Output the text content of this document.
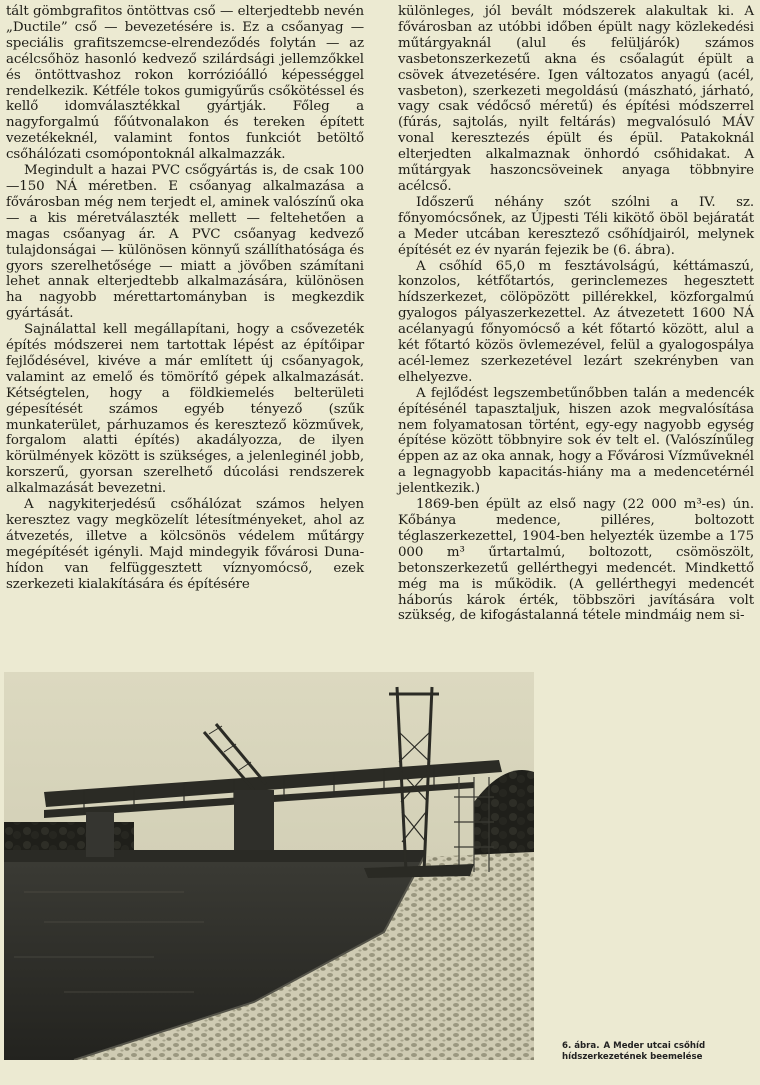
tált gömbgrafitos öntöttvas cső — elterjedtebb nevén „Ductile” cső — bevezetésére is. Ez a csőanyag — speciális grafitszemcse-elrendeződés folytán — az acélcsőhöz hasonló kedvező szilárdsági jellemzőkkel és öntöttvashoz rokon korrózióálló képességgel rendelkezik. Kétféle tokos gumigyűrűs csőkötéssel és kellő idomválasztékkal gyártják. Főleg a nagyforgalmú főútvonalakon és tereken épített vezetékeknél, valamint fontos funkciót betöltő csőhálózati csomópontoknál alkalmazzák.

Megindult a hazai PVC csőgyártás is, de csak 100—150 NÁ méretben. E csőanyag alkalmazása a fővárosban még nem terjedt el, aminek valószínű oka — a kis méretválaszték mellett — feltehetően a magas csőanyag ár. A PVC csőanyag kedvező tulajdonságai — különösen könnyű szállíthatósága és gyors szerelhetősége — miatt a jövőben számítani lehet annak elterjedtebb alkalmazására, különösen ha nagyobb mérettartományban is megkezdik gyártását.

Sajnálattal kell megállapítani, hogy a csővezeték építés módszerei nem tartottak lépést az építőipar fejlődésével, kivéve a már említett új csőanyagok, valamint az emelő és tömörítő gépek alkalmazását. Kétségtelen, hogy a földkiemelés belterületi gépesítését számos egyéb tényező (szűk munkaterület, párhuzamos és keresztező közművek, forgalom alatti építés) akadályozza, de ilyen körülmények között is szükséges, a jelenleginél jobb, korszerű, gyorsan szerelhető dúcolási rendszerek alkalmazását bevezetni.

A nagykiterjedésű csőhálózat számos helyen keresztez vagy megközelít létesítményeket, ahol az átvezetés, illetve a kölcsönös védelem műtárgy megépítését igényli. Majd mindegyik fővárosi Duna-hídon van felfüggesztett víznyomócső, ezek szerkezeti kialakítására és építésére

különleges, jól bevált módszerek alakultak ki. A fővárosban az utóbbi időben épült nagy közlekedési műtárgyaknál (alul és felüljárók) számos vasbetonszerkezetű akna és csőalagút épült a csövek átvezetésére. Igen változatos anyagú (acél, vasbeton), szerkezeti megoldású (mászható, járható, vagy csak védőcső méretű) és építési módszerrel (fúrás, sajtolás, nyilt feltárás) megvalósuló MÁV vonal keresztezés épült és épül. Patakoknál elterjedten alkalmaznak önhordó csőhidakat. A műtárgyak haszoncsöveinek anyaga többnyire acélcső.

Időszerű néhány szót szólni a IV. sz. főnyomócsőnek, az Újpesti Téli kikötő öböl bejáratát a Meder utcában keresztező csőhídjairól, melynek építését ez év nyarán fejezik be (6. ábra).

A csőhíd 65,0 m fesztávolságú, kéttámaszú, konzolos, kétfőtartós, gerinclemezes hegesztett hídszerkezet, cölöpözött pillérekkel, közforgalmú gyalogos pályaszerkezettel. Az átvezetett 1600 NÁ acélanyagú főnyomócső a két főtartó között, alul a két főtartó közös övlemezével, felül a gyalogospálya acél-lemez szerkezetével lezárt szekrényben van elhelyezve.

A fejlődést legszembetűnőbben talán a medencék építésénél tapasztaljuk, hiszen azok megvalósítása nem folyamatosan történt, egy-egy nagyobb egység építése között többnyire sok év telt el. (Valószínűleg éppen az az oka annak, hogy a Fővárosi Vízműveknél a legnagyobb kapacitás-hiány ma a medencetérnél jelentkezik.)

1869-ben épült az első nagy (22 000 m³-es) ún. Kőbánya medence, pilléres, boltozott téglaszerkezettel, 1904-ben helyezték üzembe a 175 000 m³ űrtartalmú, boltozott, csömöszölt, betonszerkezetű gellérthegyi medencét. Mindkettő még ma is működik. (A gellérthegyi medencét háborús károk érték, többszöri javítására volt szükség, de kifogástalanná tétele mindmáig nem si-

6. ábra. A Meder utcai csőhíd hídszerkezetének beemelése
